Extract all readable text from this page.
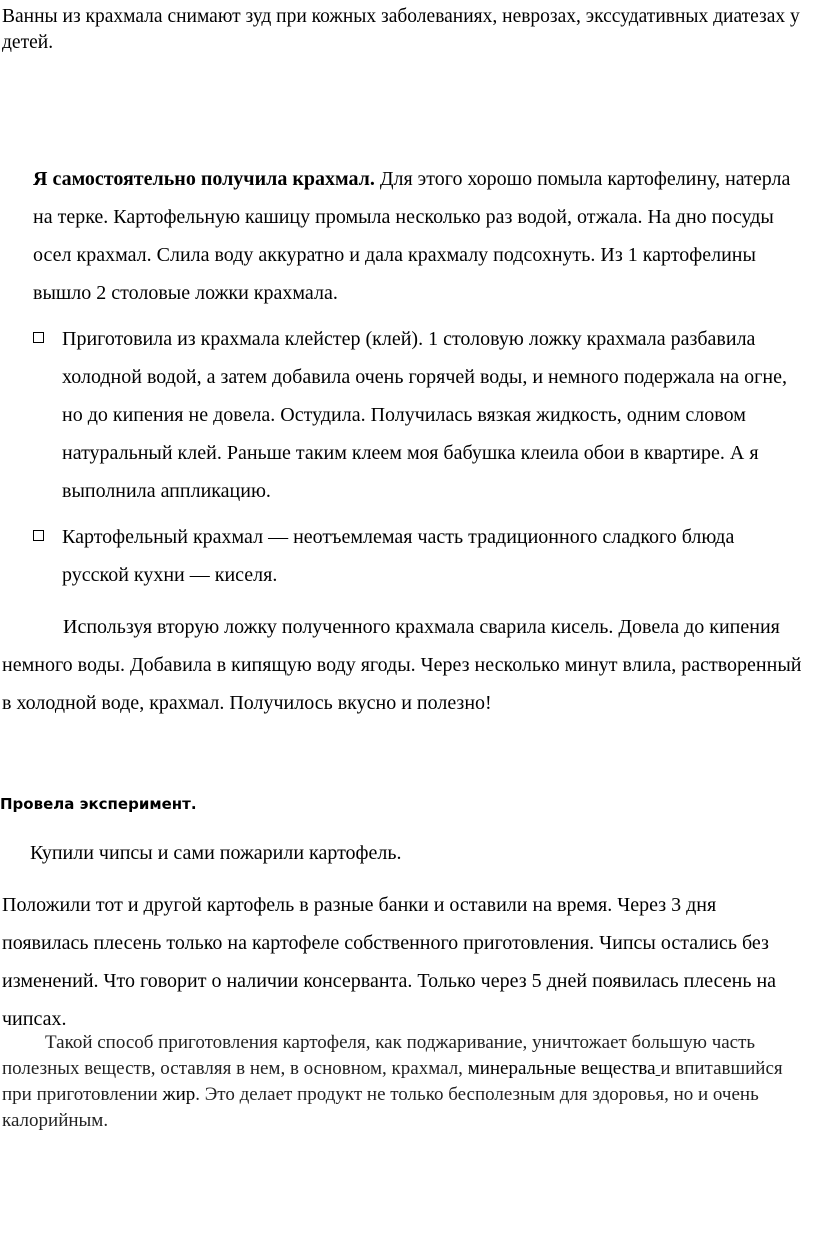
Ванны из крахмала снимают зуд при кожных заболеваниях, неврозах, экссудативных диатезах у детей.

Я самостоятельно получила крахмал. Для этого хорошо помыла картофелину, натерла на терке. Картофельную кашицу промыла несколько раз водой, отжала. На дно посуды осел крахмал. Слила воду аккуратно и дала крахмалу подсохнуть. Из 1 картофелины вышло 2 столовые ложки крахмала.

Приготовила из крахмала клейстер (клей). 1 столовую ложку крахмала разбавила холодной водой, а затем добавила очень горячей воды, и немного подержала на огне, но до кипения не довела. Остудила. Получилась вязкая жидкость, одним словом натуральный клей. Раньше таким клеем моя бабушка клеила обои в квартире. А я выполнила аппликацию.
Картофельный крахмал — неотъемлемая часть традиционного сладкого блюда русской кухни — киселя.

Используя вторую ложку полученного крахмала сварила кисель. Довела до кипения немного воды. Добавила в кипящую воду ягоды. Через несколько минут влила, растворенный в холодной воде, крахмал. Получилось вкусно и полезно!

Провела эксперимент.

Купили чипсы и сами пожарили картофель.

Положили тот и другой картофель в разные банки и оставили на время. Через 3 дня появилась плесень только на картофеле собственного приготовления. Чипсы остались без изменений. Что говорит о наличии консерванта. Только через 5 дней появилась плесень на чипсах.

Такой способ приготовления картофеля, как поджаривание, уничтожает большую часть полезных веществ, оставляя в нем, в основном, крахмал, минеральные вещества и впитавшийся при приготовлении жир. Это делает продукт не только бесполезным для здоровья, но и очень калорийным.
